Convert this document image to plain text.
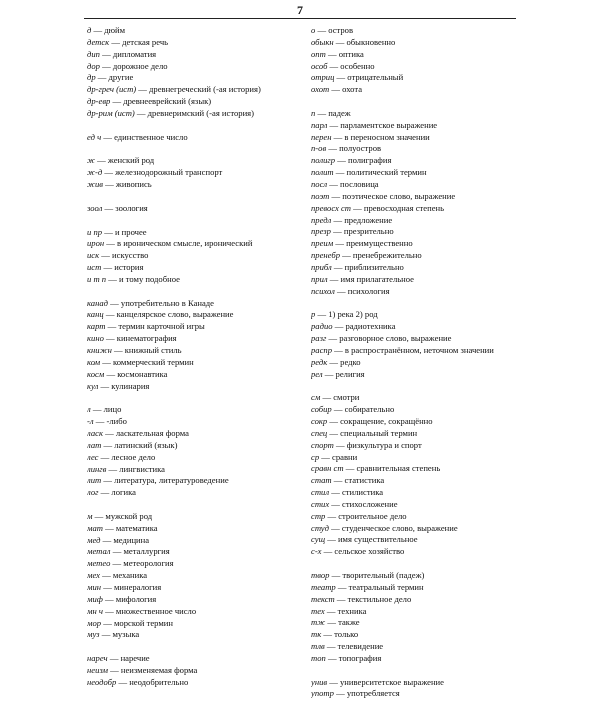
7
д — дюйм
детск — детская речь
дип — дипломатия
дор — дорожное дело
др — другие
др-греч (ист) — древнегреческий (-ая история)
др-евр — древнееврейский (язык)
др-рим (ист) — древнеримский (-ая история)
ед ч — единственное число
ж — женский род
ж-д — железнодорожный транспорт
жив — живопись
зоол — зоология
и пр — и прочее
ирон — в ироническом смысле, иронический
иск — искусство
ист — история
и т п — и тому подобное
канад — употребительно в Канаде
канц — канцелярское слово, выражение
карт — термин карточной игры
кино — кинематография
книжн — книжный стиль
ком — коммерческий термин
косм — космонавтика
кул — кулинария
л — лицо
-л — -либо
ласк — ласкательная форма
лат — латинский (язык)
лес — лесное дело
лингв — лингвистика
лит — литература, литературоведение
лог — логика
м — мужской род
мат — математика
мед — медицина
метал — металлургия
метео — метеорология
мех — механика
мин — минералогия
миф — мифология
мн ч — множественное число
мор — морской термин
муз — музыка
нареч — наречие
неизм — неизменяемая форма
неодобр — неодобрительно
о — остров
обыкн — обыкновенно
опт — оптика
особ — особенно
отриц — отрицательный
охот — охота
п — падеж
парл — парламентское выражение
перен — в переносном значении
п-ов — полуостров
полигр — полиграфия
полит — политический термин
посл — пословица
поэт — поэтическое слово, выражение
превосх ст — превосходная степень
предл — предложение
презр — презрительно
преим — преимущественно
пренебр — пренебрежительно
прибл — приблизительно
прил — имя прилагательное
психол — психология
р — 1) река 2) род
радио — радиотехника
разг — разговорное слово, выражение
распр — в распространённом, неточном значении
редк — редко
рел — религия
см — смотри
собир — собирательно
сокр — сокращение, сокращённо
спец — специальный термин
спорт — физкультура и спорт
ср — сравни
сравн ст — сравнительная степень
стат — статистика
стил — стилистика
стих — стихосложение
стр — строительное дело
студ — студенческое слово, выражение
сущ — имя существительное
с-х — сельское хозяйство
твор — творительный (падеж)
театр — театральный термин
текст — текстильное дело
тех — техника
тж — также
тк — только
тлв — телевидение
топ — топография
унив — университетское выражение
употр — употребляется
